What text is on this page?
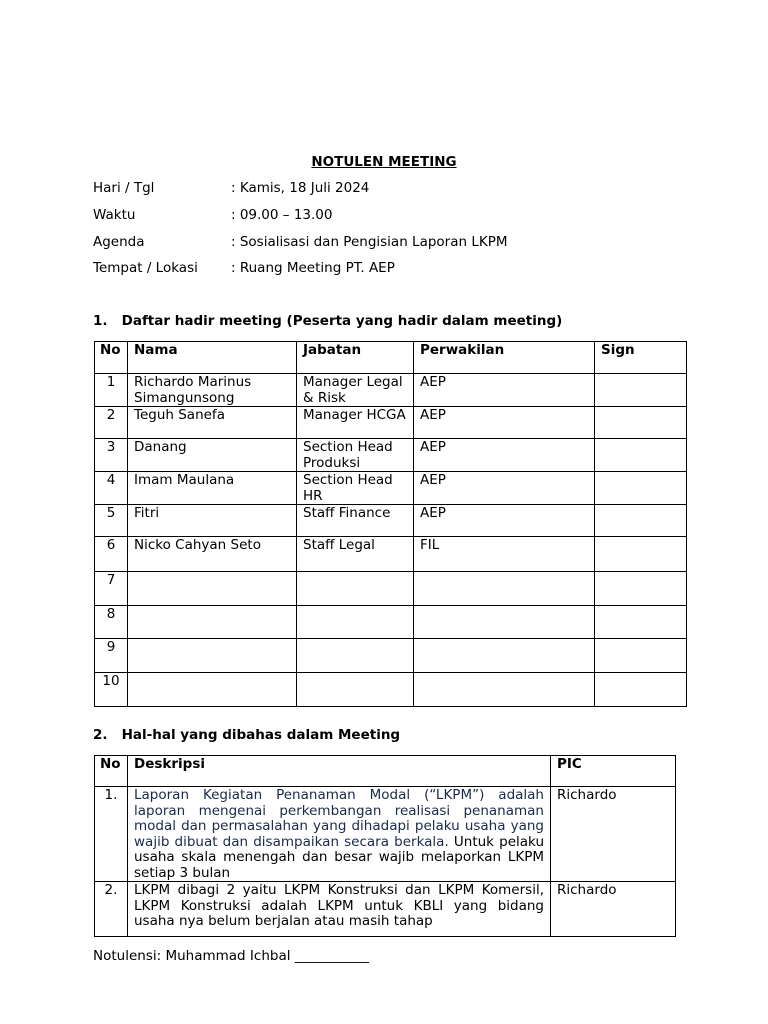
NOTULEN MEETING
Hari / Tgl	: Kamis, 18 Juli 2024
Waktu	: 09.00 – 13.00
Agenda	: Sosialisasi dan Pengisian Laporan LKPM
Tempat / Lokasi : Ruang Meeting PT. AEP
1.   Daftar hadir meeting (Peserta yang hadir dalam meeting)
No	Nama	Jabatan	Perwakilan	Sign
1	Richardo Marinus Simangunsong	Manager Legal & Risk	AEP	
2	Teguh Sanefa	Manager HCGA	AEP	
3	Danang	Section Head Produksi	AEP	
4	Imam Maulana	Section Head HR	AEP	
5	Fitri	Staff Finance	AEP	
6	Nicko Cahyan Seto	Staff Legal	FIL	
7				
8				
9				
10				
2.   Hal-hal yang dibahas dalam Meeting
No	Deskripsi	PIC
1.	Laporan Kegiatan Penanaman Modal (“LKPM”) adalah laporan mengenai perkembangan realisasi penanaman modal dan permasalahan yang dihadapi pelaku usaha yang wajib dibuat dan disampaikan secara berkala. Untuk pelaku usaha skala menengah dan besar wajib melaporkan LKPM setiap 3 bulan	Richardo
2.	LKPM dibagi 2 yaitu LKPM Konstruksi dan LKPM Komersil, LKPM Konstruksi adalah LKPM untuk KBLI yang bidang usaha nya belum berjalan atau masih tahap	Richardo
Notulensi: Muhammad Ichbal ___________
